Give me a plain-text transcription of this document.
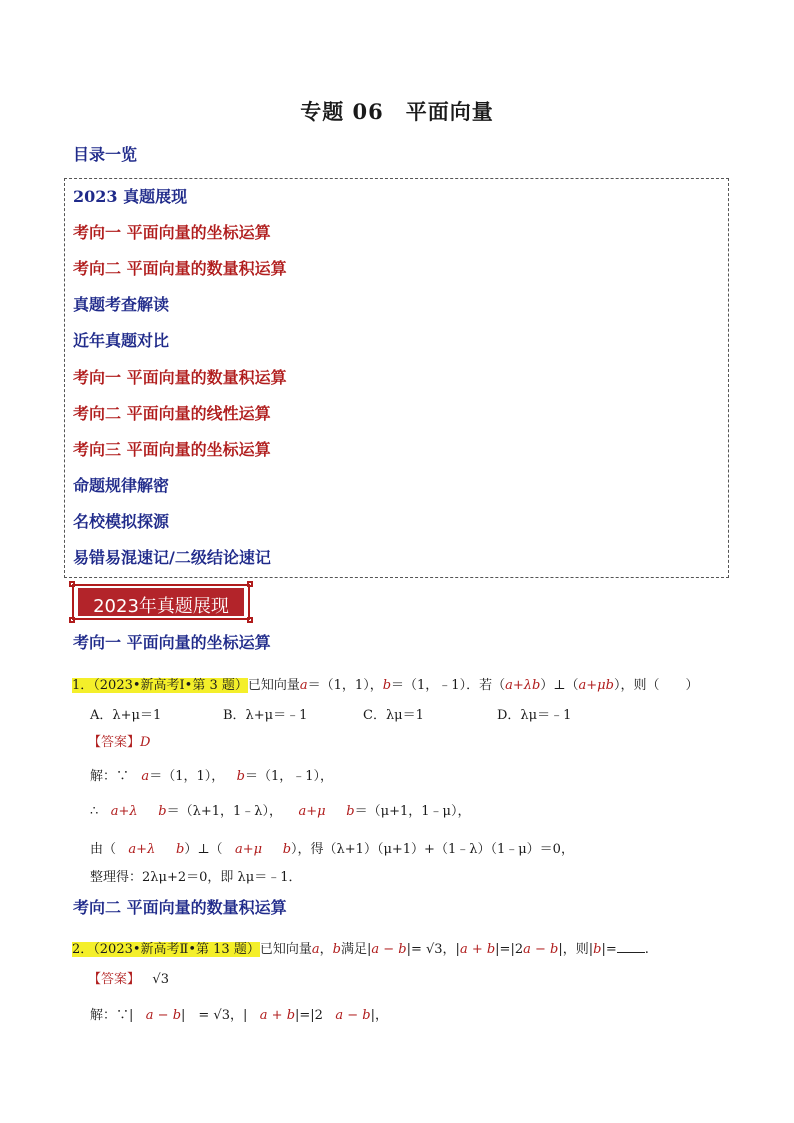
专题 06　平面向量
目录一览
2023 真题展现
考向一 平面向量的坐标运算
考向二 平面向量的数量积运算
真题考查解读
近年真题对比
考向一 平面向量的数量积运算
考向二 平面向量的线性运算
考向三 平面向量的坐标运算
命题规律解密
名校模拟探源
易错易混速记/二级结论速记
2023年真题展现
考向一 平面向量的坐标运算
1．（2023•新高考Ⅰ•第 3 题）已知向量a＝（1，1），b＝（1，﹣1）．若（a+λb）⊥（a+μb），则（　　）
A．λ+μ＝1	B．λ+μ＝﹣1	C．λμ＝1	D．λμ＝﹣1
【答案】D
解：∵ a＝（1，1）， b＝（1，﹣1），
∴ a+λ b＝（λ+1，1﹣λ）， a+μ b＝（μ+1，1﹣μ），
由（ a+λ b）⊥（ a+μ b），得（λ+1）（μ+1）+（1﹣λ）（1﹣μ）＝0，
整理得：2λμ+2＝0，即 λμ＝﹣1．
考向二 平面向量的数量积运算
2．（2023•新高考Ⅱ•第 13 题）已知向量a，b满足|a − b|= √3，|a + b|=|2a − b|，则|b|= .
【答案】 √3
解：∵| a − b|　= √3，| a + b|=|2 a − b|，
